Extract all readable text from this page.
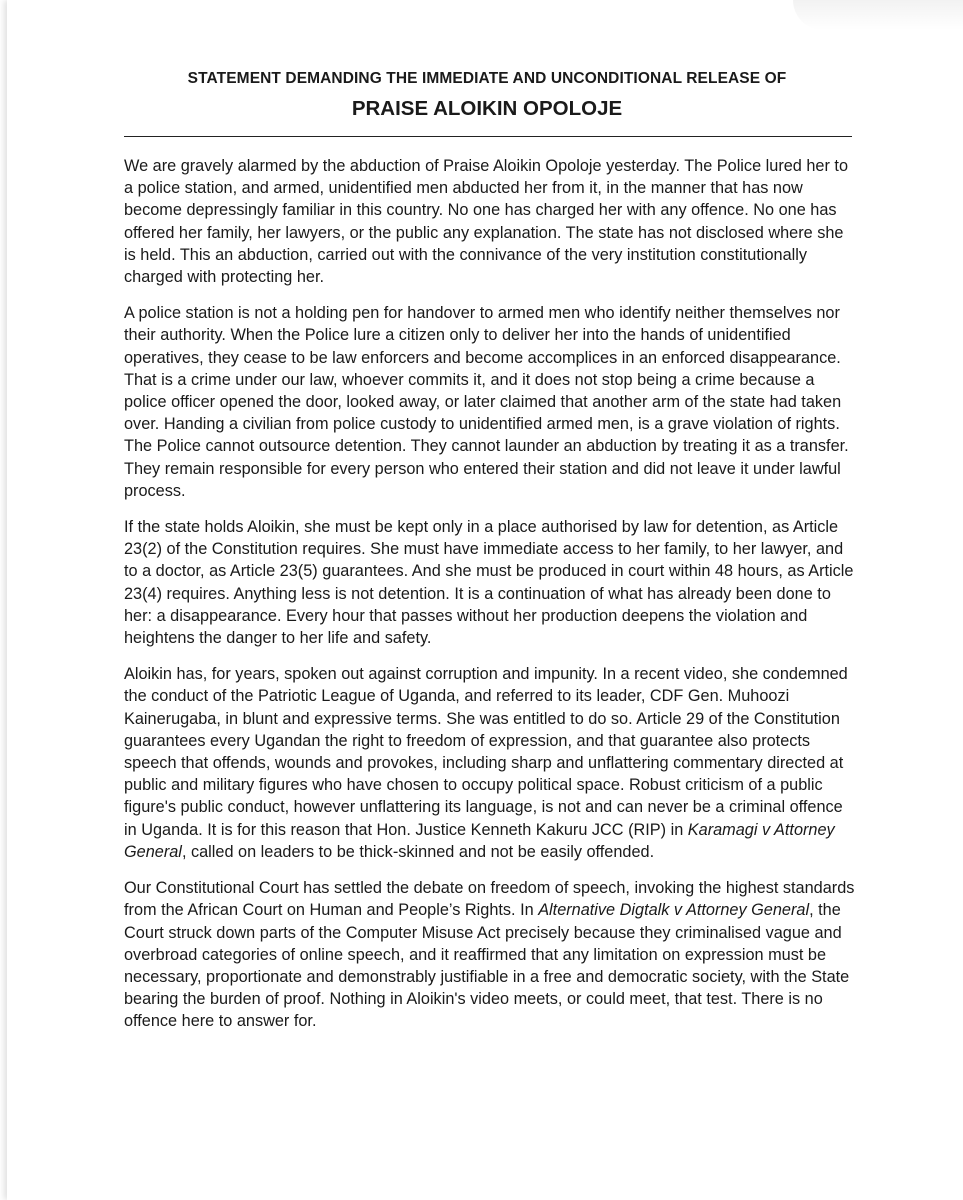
STATEMENT DEMANDING THE IMMEDIATE AND UNCONDITIONAL RELEASE OF

PRAISE ALOIKIN OPOLOJE

We are gravely alarmed by the abduction of Praise Aloikin Opoloje yesterday. The Police lured her to a police station, and armed, unidentified men abducted her from it, in the manner that has now become depressingly familiar in this country. No one has charged her with any offence. No one has offered her family, her lawyers, or the public any explanation. The state has not disclosed where she is held. This an abduction, carried out with the connivance of the very institution constitutionally charged with protecting her.

A police station is not a holding pen for handover to armed men who identify neither themselves nor their authority. When the Police lure a citizen only to deliver her into the hands of unidentified operatives, they cease to be law enforcers and become accomplices in an enforced disappearance. That is a crime under our law, whoever commits it, and it does not stop being a crime because a police officer opened the door, looked away, or later claimed that another arm of the state had taken over. Handing a civilian from police custody to unidentified armed men, is a grave violation of rights. The Police cannot outsource detention. They cannot launder an abduction by treating it as a transfer. They remain responsible for every person who entered their station and did not leave it under lawful process.

If the state holds Aloikin, she must be kept only in a place authorised by law for detention, as Article 23(2) of the Constitution requires. She must have immediate access to her family, to her lawyer, and to a doctor, as Article 23(5) guarantees. And she must be produced in court within 48 hours, as Article 23(4) requires. Anything less is not detention. It is a continuation of what has already been done to her: a disappearance. Every hour that passes without her production deepens the violation and heightens the danger to her life and safety.

Aloikin has, for years, spoken out against corruption and impunity. In a recent video, she condemned the conduct of the Patriotic League of Uganda, and referred to its leader, CDF Gen. Muhoozi Kainerugaba, in blunt and expressive terms. She was entitled to do so. Article 29 of the Constitution guarantees every Ugandan the right to freedom of expression, and that guarantee also protects speech that offends, wounds and provokes, including sharp and unflattering commentary directed at public and military figures who have chosen to occupy political space. Robust criticism of a public figure's public conduct, however unflattering its language, is not and can never be a criminal offence in Uganda. It is for this reason that Hon. Justice Kenneth Kakuru JCC (RIP) in Karamagi v Attorney General, called on leaders to be thick-skinned and not be easily offended.

Our Constitutional Court has settled the debate on freedom of speech, invoking the highest standards from the African Court on Human and People’s Rights. In Alternative Digtalk v Attorney General, the Court struck down parts of the Computer Misuse Act precisely because they criminalised vague and overbroad categories of online speech, and it reaffirmed that any limitation on expression must be necessary, proportionate and demonstrably justifiable in a free and democratic society, with the State bearing the burden of proof. Nothing in Aloikin's video meets, or could meet, that test. There is no offence here to answer for.
